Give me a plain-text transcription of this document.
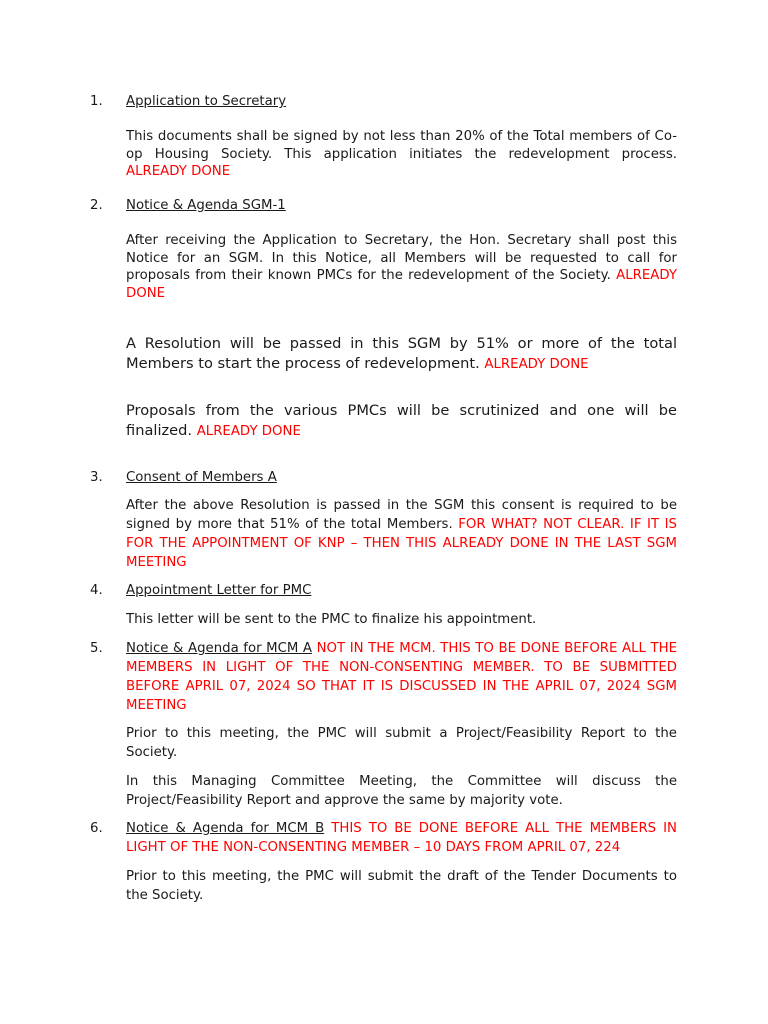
1. Application to Secretary

This documents shall be signed by not less than 20% of the Total members of Co-op Housing Society. This application initiates the redevelopment process. ALREADY DONE

2. Notice & Agenda SGM-1

After receiving the Application to Secretary, the Hon. Secretary shall post this Notice for an SGM. In this Notice, all Members will be requested to call for proposals from their known PMCs for the redevelopment of the Society. ALREADY DONE

A Resolution will be passed in this SGM by 51% or more of the total Members to start the process of redevelopment. ALREADY DONE

Proposals from the various PMCs will be scrutinized and one will be finalized. ALREADY DONE

3. Consent of Members A

After the above Resolution is passed in the SGM this consent is required to be signed by more that 51% of the total Members. FOR WHAT? NOT CLEAR. IF IT IS FOR THE APPOINTMENT OF KNP – THEN THIS ALREADY DONE IN THE LAST SGM MEETING

4. Appointment Letter for PMC

This letter will be sent to the PMC to finalize his appointment.

5. Notice & Agenda for MCM A NOT IN THE MCM. THIS TO BE DONE BEFORE ALL THE MEMBERS IN LIGHT OF THE NON-CONSENTING MEMBER. TO BE SUBMITTED BEFORE APRIL 07, 2024 SO THAT IT IS DISCUSSED IN THE APRIL 07, 2024 SGM MEETING

Prior to this meeting, the PMC will submit a Project/Feasibility Report to the Society.

In this Managing Committee Meeting, the Committee will discuss the Project/Feasibility Report and approve the same by majority vote.

6. Notice & Agenda for MCM B THIS TO BE DONE BEFORE ALL THE MEMBERS IN LIGHT OF THE NON-CONSENTING MEMBER – 10 DAYS FROM APRIL 07, 224

Prior to this meeting, the PMC will submit the draft of the Tender Documents to the Society.
